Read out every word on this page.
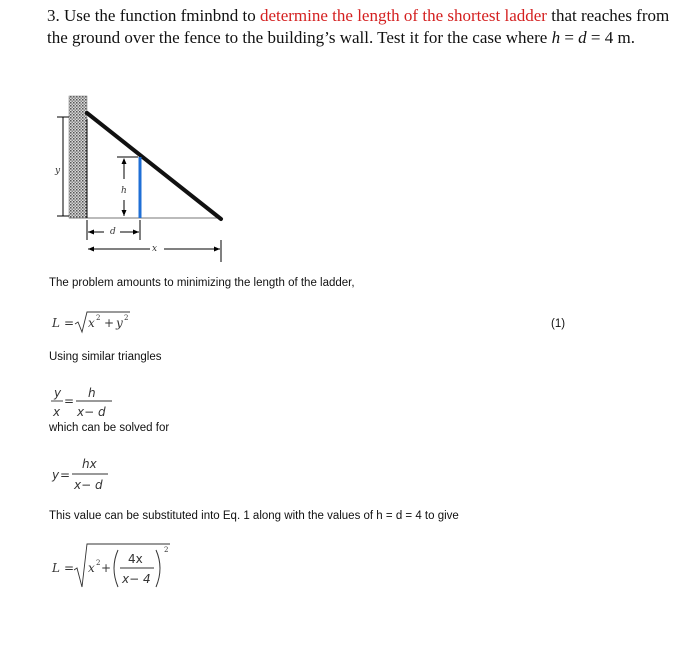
3. Use the function fminbnd to determine the length of the shortest ladder that reaches from the ground over the fence to the building’s wall. Test it for the case where h = d = 4 m.
y
h
d
x
The problem amounts to minimizing the length of the ladder,
L = x 2 + y 2	(1)
Using similar triangles
y
x
=
h
x− d
which can be solved for
hx
y =
x− d
This value can be substituted into Eq. 1 along with the values of h = d = 4 to give
L = x 2 +
4x
x− 4
2
